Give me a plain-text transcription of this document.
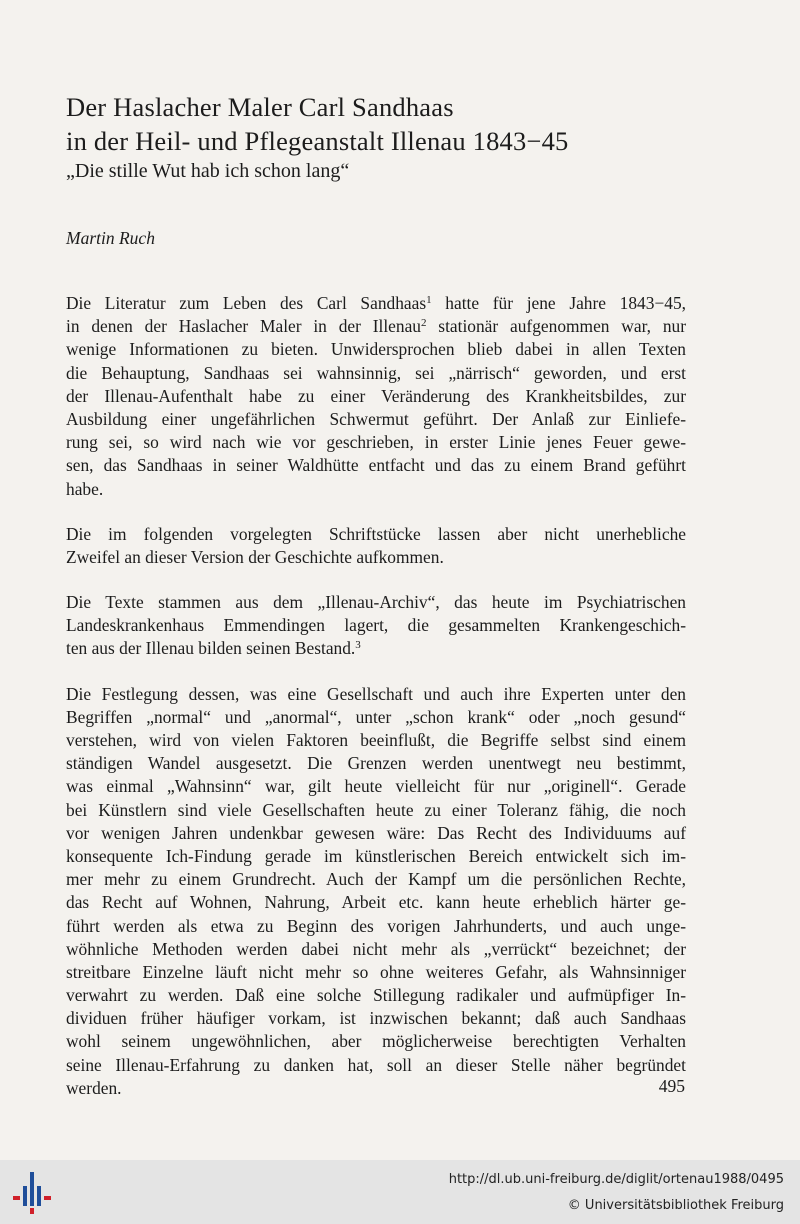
Der Haslacher Maler Carl Sandhaas
in der Heil- und Pflegeanstalt Illenau 1843−45
„Die stille Wut hab ich schon lang“
Martin Ruch
Die Literatur zum Leben des Carl Sandhaas$^1$ hatte für jene Jahre 1843−45,
in denen der Haslacher Maler in der Illenau$^2$ stationär aufgenommen war, nur
wenige Informationen zu bieten. Unwidersprochen blieb dabei in allen Texten
die Behauptung, Sandhaas sei wahnsinnig, sei „närrisch“ geworden, und erst
der Illenau-Aufenthalt habe zu einer Veränderung des Krankheitsbildes, zur
Ausbildung einer ungefährlichen Schwermut geführt. Der Anlaß zur Einliefe-
rung sei, so wird nach wie vor geschrieben, in erster Linie jenes Feuer gewe-
sen, das Sandhaas in seiner Waldhütte entfacht und das zu einem Brand geführt
habe.
Die im folgenden vorgelegten Schriftstücke lassen aber nicht unerhebliche
Zweifel an dieser Version der Geschichte aufkommen.
Die Texte stammen aus dem „Illenau-Archiv“, das heute im Psychiatrischen
Landeskrankenhaus Emmendingen lagert, die gesammelten Krankengeschich-
ten aus der Illenau bilden seinen Bestand.$^3$
Die Festlegung dessen, was eine Gesellschaft und auch ihre Experten unter den
Begriffen „normal“ und „anormal“, unter „schon krank“ oder „noch gesund“
verstehen, wird von vielen Faktoren beeinflußt, die Begriffe selbst sind einem
ständigen Wandel ausgesetzt. Die Grenzen werden unentwegt neu bestimmt,
was einmal „Wahnsinn“ war, gilt heute vielleicht für nur „originell“. Gerade
bei Künstlern sind viele Gesellschaften heute zu einer Toleranz fähig, die noch
vor wenigen Jahren undenkbar gewesen wäre: Das Recht des Individuums auf
konsequente Ich-Findung gerade im künstlerischen Bereich entwickelt sich im-
mer mehr zu einem Grundrecht. Auch der Kampf um die persönlichen Rechte,
das Recht auf Wohnen, Nahrung, Arbeit etc. kann heute erheblich härter ge-
führt werden als etwa zu Beginn des vorigen Jahrhunderts, und auch unge-
wöhnliche Methoden werden dabei nicht mehr als „verrückt“ bezeichnet; der
streitbare Einzelne läuft nicht mehr so ohne weiteres Gefahr, als Wahnsinniger
verwahrt zu werden. Daß eine solche Stillegung radikaler und aufmüpfiger In-
dividuen früher häufiger vorkam, ist inzwischen bekannt; daß auch Sandhaas
wohl seinem ungewöhnlichen, aber möglicherweise berechtigten Verhalten
seine Illenau-Erfahrung zu danken hat, soll an dieser Stelle näher begründet
werden.	495
http://dl.ub.uni-freiburg.de/diglit/ortenau1988/0495
© Universitätsbibliothek Freiburg
